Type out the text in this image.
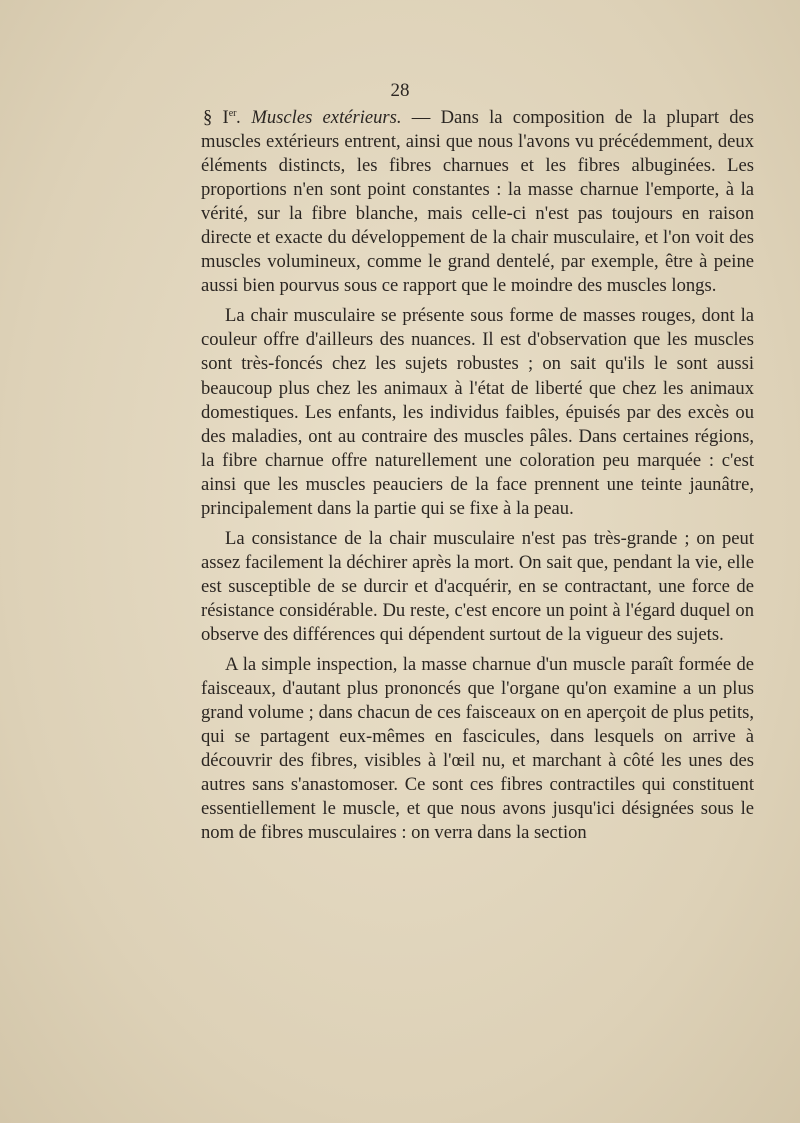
28

§ Ier. Muscles extérieurs. — Dans la composition de la plupart des muscles extérieurs entrent, ainsi que nous l'avons vu précédemment, deux éléments distincts, les fibres charnues et les fibres albuginées. Les proportions n'en sont point constantes : la masse charnue l'emporte, à la vérité, sur la fibre blanche, mais celle-ci n'est pas toujours en raison directe et exacte du développement de la chair musculaire, et l'on voit des muscles volumineux, comme le grand dentelé, par exemple, être à peine aussi bien pourvus sous ce rapport que le moindre des muscles longs.

La chair musculaire se présente sous forme de masses rouges, dont la couleur offre d'ailleurs des nuances. Il est d'observation que les muscles sont très-foncés chez les sujets robustes ; on sait qu'ils le sont aussi beaucoup plus chez les animaux à l'état de liberté que chez les animaux domestiques. Les enfants, les individus faibles, épuisés par des excès ou des maladies, ont au contraire des muscles pâles. Dans certaines régions, la fibre charnue offre naturellement une coloration peu marquée : c'est ainsi que les muscles peauciers de la face prennent une teinte jaunâtre, principalement dans la partie qui se fixe à la peau.

La consistance de la chair musculaire n'est pas très-grande ; on peut assez facilement la déchirer après la mort. On sait que, pendant la vie, elle est susceptible de se durcir et d'acquérir, en se contractant, une force de résistance considérable. Du reste, c'est encore un point à l'égard duquel on observe des différences qui dépendent surtout de la vigueur des sujets.

A la simple inspection, la masse charnue d'un muscle paraît formée de faisceaux, d'autant plus prononcés que l'organe qu'on examine a un plus grand volume ; dans chacun de ces faisceaux on en aperçoit de plus petits, qui se partagent eux-mêmes en fascicules, dans lesquels on arrive à découvrir des fibres, visibles à l'œil nu, et marchant à côté les unes des autres sans s'anastomoser. Ce sont ces fibres contractiles qui constituent essentiellement le muscle, et que nous avons jusqu'ici désignées sous le nom de fibres musculaires : on verra dans la section
